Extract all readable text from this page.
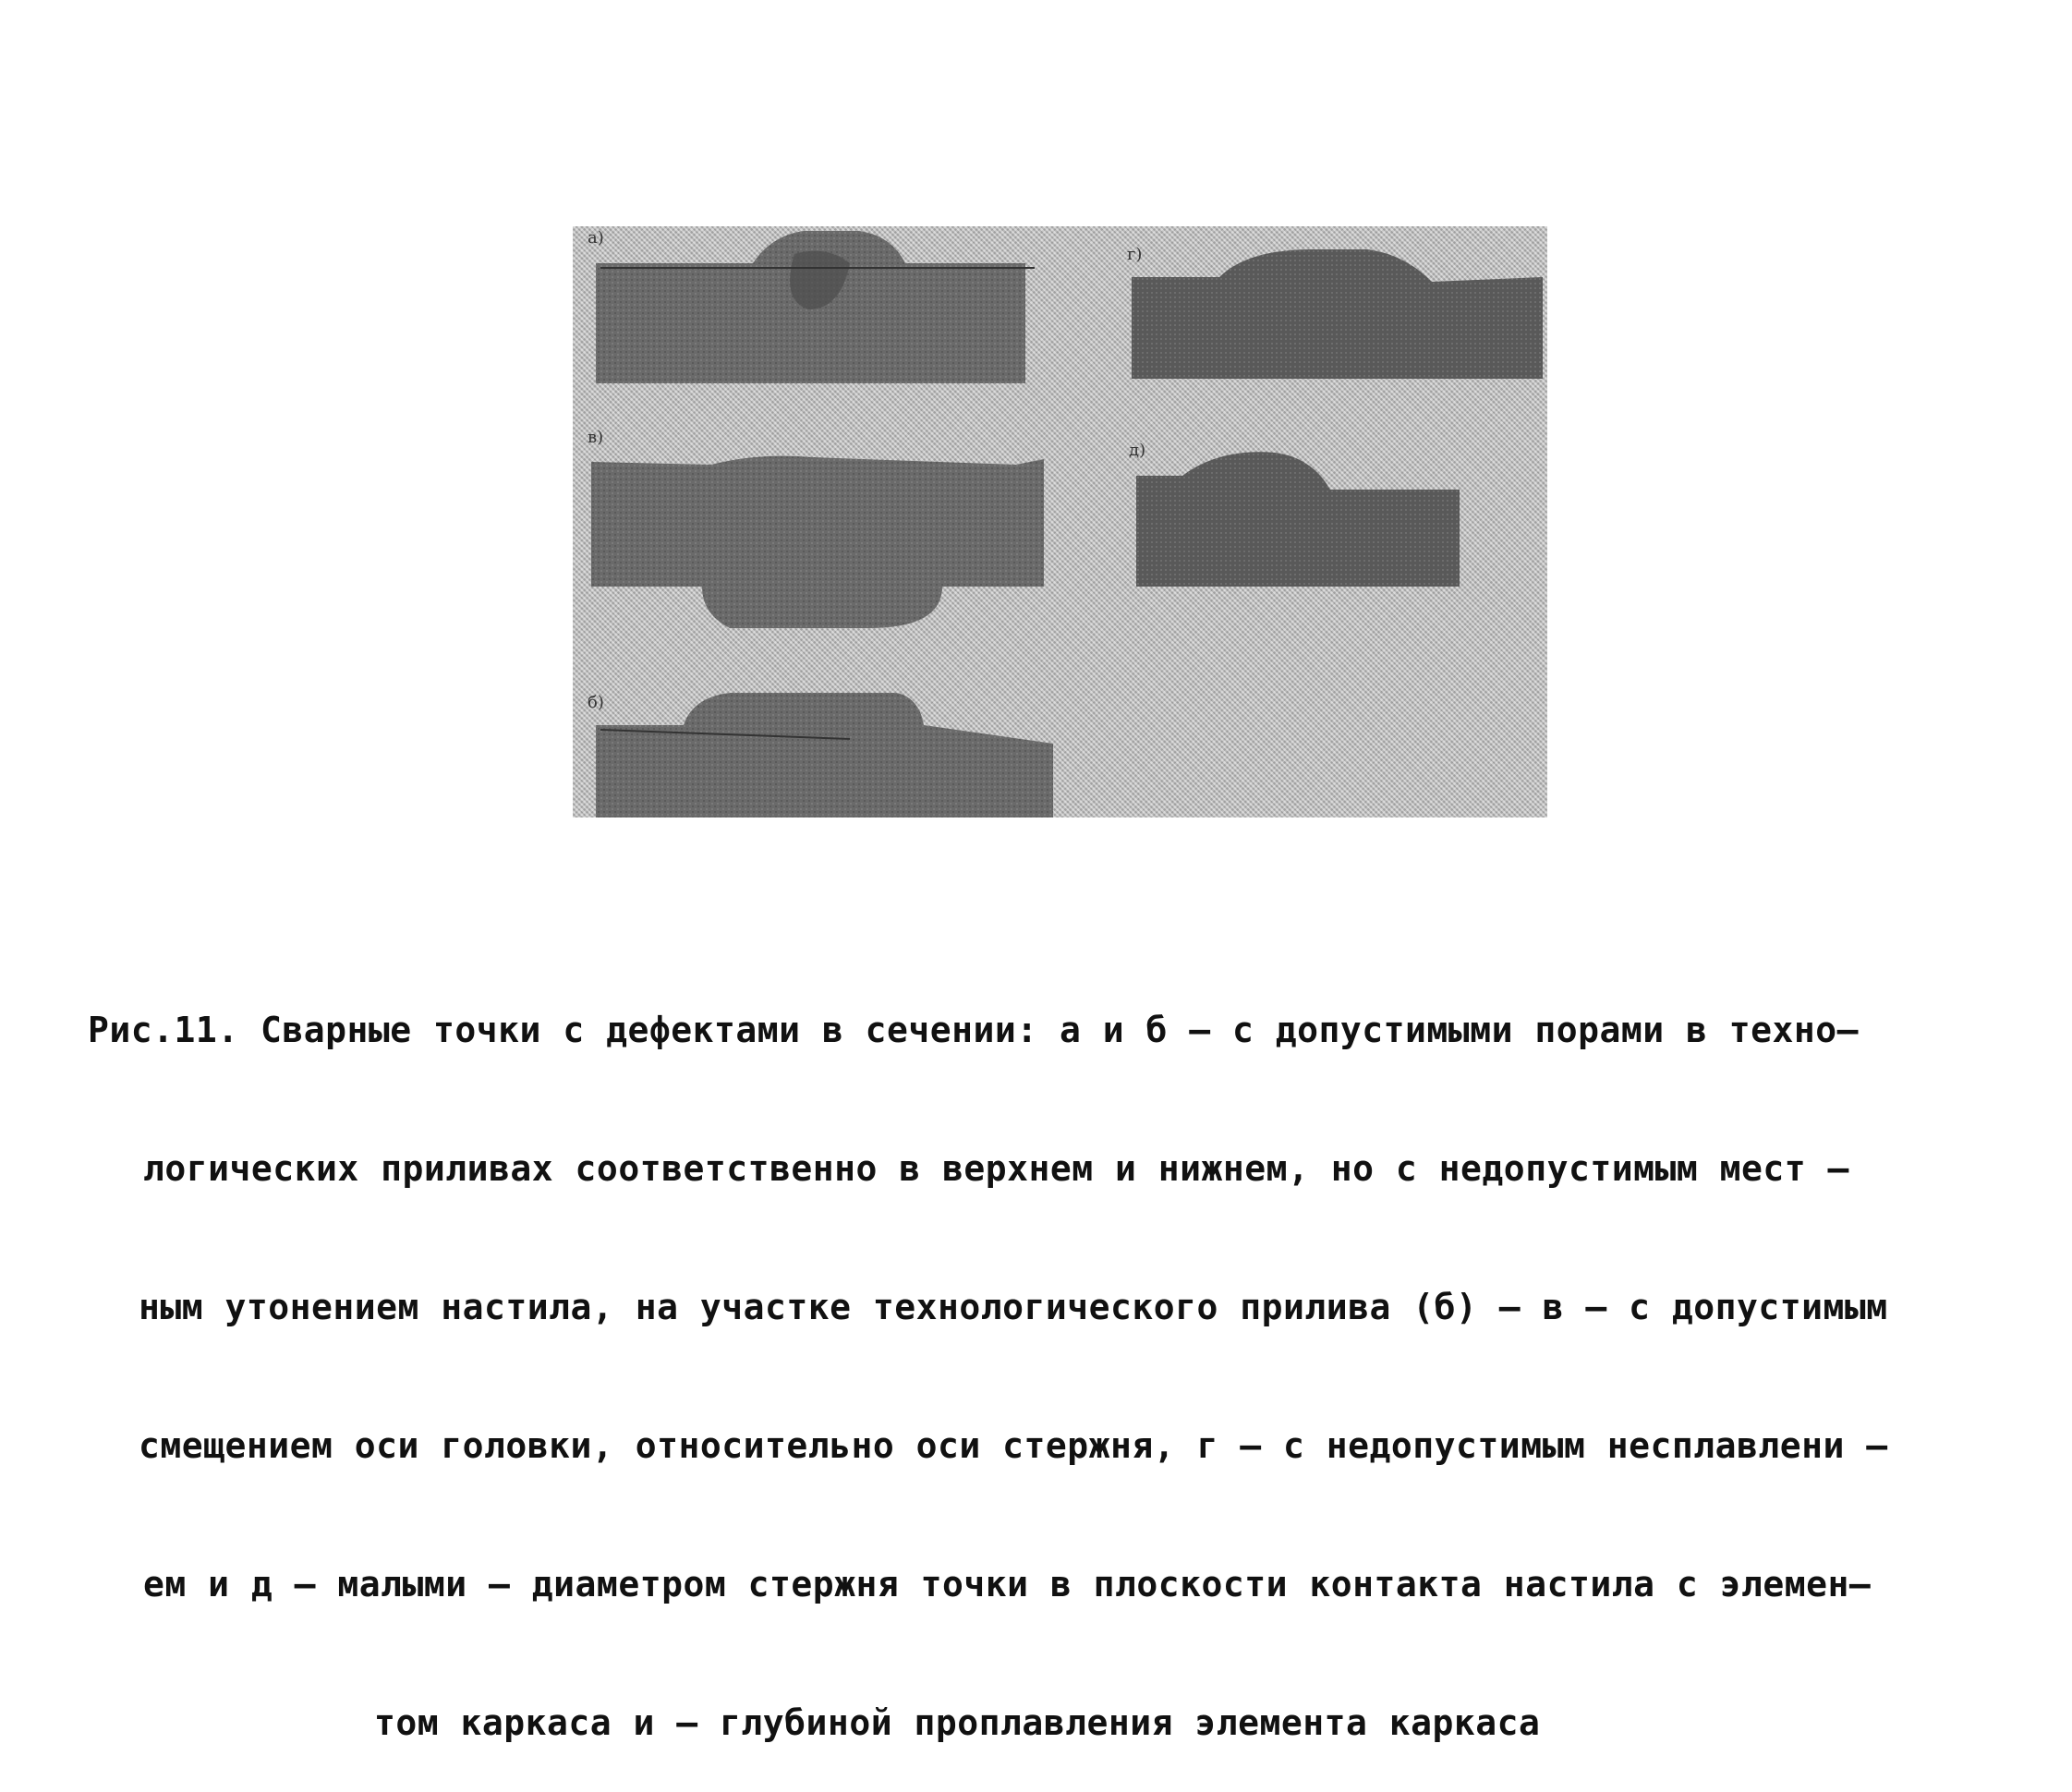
а)
г)
в)
д)
б)

Рис.11. Сварные точки с дефектами в сечении: а и б – с допустимыми порами в техно–

логических приливах соответственно в верхнем и нижнем, но с недопустимым мест –

ным утонением настила, на участке технологического прилива (б) – в – с допустимым

смещением оси головки, относительно оси стержня, г – с недопустимым несплавлени –

ем и д – малыми – диаметром стержня точки в плоскости контакта настила с элемен–

том каркаса и – глубиной проплавления элемента каркаса
